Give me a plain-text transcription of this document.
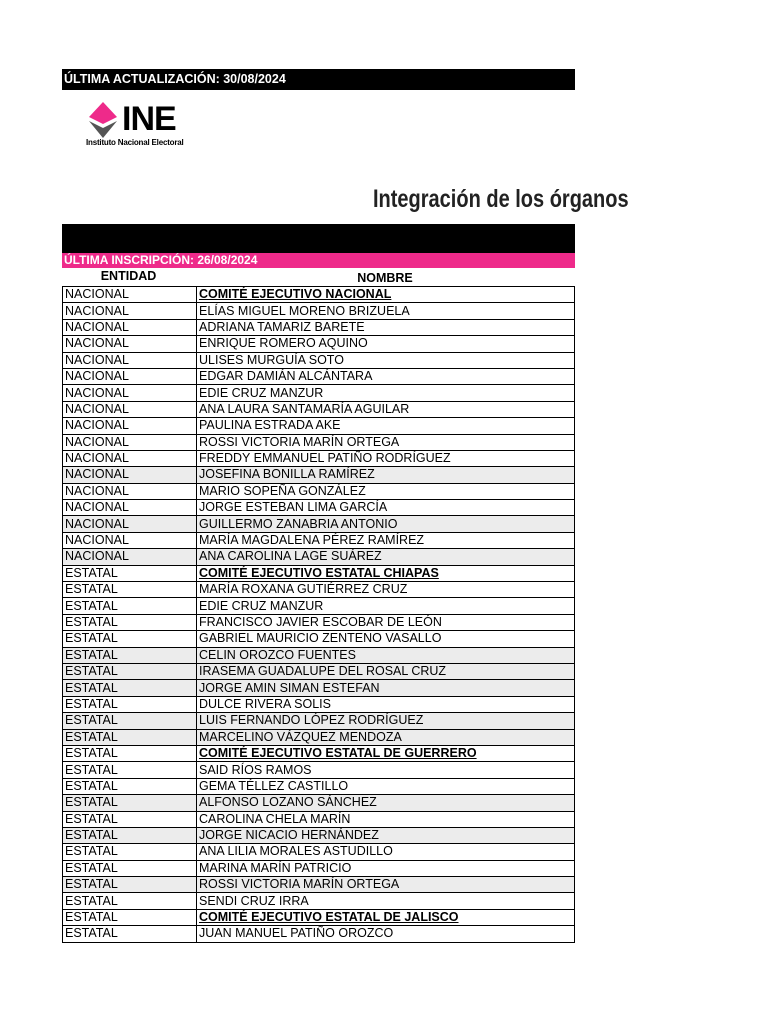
ÚLTIMA ACTUALIZACIÓN: 30/08/2024
INE
Instituto Nacional Electoral
Integración de los órganos
ÚLTIMA INSCRIPCIÓN: 26/08/2024
ENTIDAD	NOMBRE
NACIONAL	COMITÉ EJECUTIVO NACIONAL
NACIONAL	ELÍAS MIGUEL MORENO BRIZUELA
NACIONAL	ADRIANA TAMARIZ BARETE
NACIONAL	ENRIQUE ROMERO AQUINO
NACIONAL	ULISES MURGUÍA SOTO
NACIONAL	EDGAR DAMIÁN ALCÁNTARA
NACIONAL	EDIE CRUZ MANZUR
NACIONAL	ANA LAURA SANTAMARÍA AGUILAR
NACIONAL	PAULINA ESTRADA AKE
NACIONAL	ROSSI VICTORIA MARÍN ORTEGA
NACIONAL	FREDDY EMMANUEL PATIÑO RODRÍGUEZ
NACIONAL	JOSEFINA BONILLA RAMÍREZ
NACIONAL	MARIO SOPEÑA GONZÁLEZ
NACIONAL	JORGE ESTEBAN LIMA GARCÍA
NACIONAL	GUILLERMO ZANABRIA ANTONIO
NACIONAL	MARÍA MAGDALENA PÉREZ RAMÍREZ
NACIONAL	ANA CAROLINA LAGE SUÁREZ
ESTATAL	COMITÉ EJECUTIVO ESTATAL CHIAPAS
ESTATAL	MARÍA ROXANA GUTIÉRREZ CRUZ
ESTATAL	EDIE CRUZ MANZUR
ESTATAL	FRANCISCO JAVIER ESCOBAR DE LEÓN
ESTATAL	GABRIEL MAURICIO ZENTENO VASALLO
ESTATAL	CELIN OROZCO FUENTES
ESTATAL	IRASEMA GUADALUPE DEL ROSAL CRUZ
ESTATAL	JORGE AMIN SIMAN ESTEFAN
ESTATAL	DULCE RIVERA SOLIS
ESTATAL	LUIS FERNANDO LÓPEZ RODRÍGUEZ
ESTATAL	MARCELINO VÁZQUEZ MENDOZA
ESTATAL	COMITÉ EJECUTIVO ESTATAL DE GUERRERO
ESTATAL	SAID RÍOS RAMOS
ESTATAL	GEMA TÉLLEZ CASTILLO
ESTATAL	ALFONSO LOZANO SÁNCHEZ
ESTATAL	CAROLINA CHELA MARÍN
ESTATAL	JORGE NICACIO HERNÁNDEZ
ESTATAL	ANA LILIA MORALES ASTUDILLO
ESTATAL	MARINA MARÍN PATRICIO
ESTATAL	ROSSI VICTORIA MARÍN ORTEGA
ESTATAL	SENDI CRUZ IRRA
ESTATAL	COMITÉ EJECUTIVO ESTATAL DE JALISCO
ESTATAL	JUAN MANUEL PATIÑO OROZCO
